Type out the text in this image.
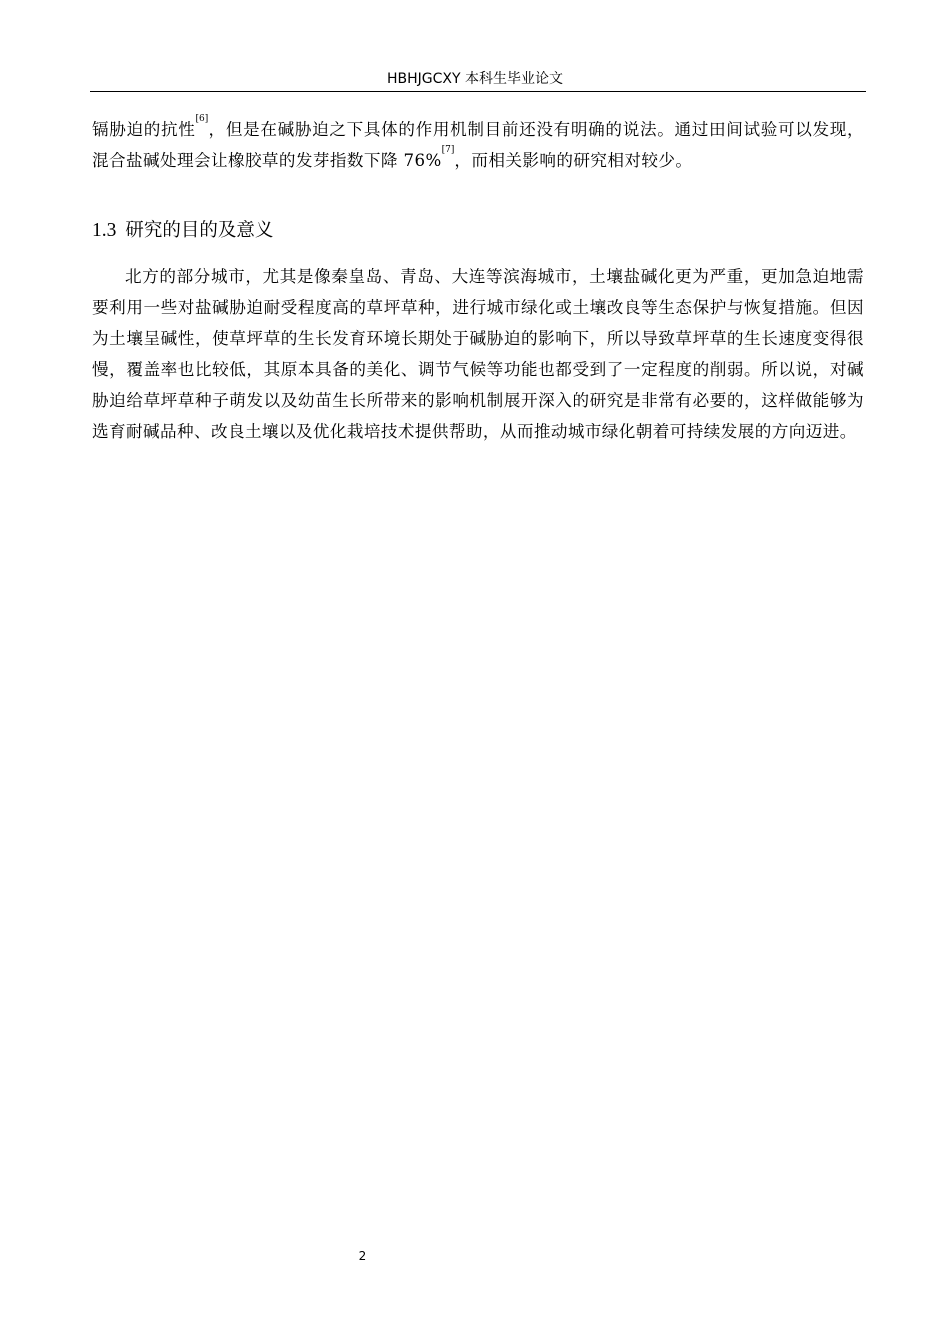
HBHJGCXY 本科生毕业论文
镉胁迫的抗性[6]，但是在碱胁迫之下具体的作用机制目前还没有明确的说法。通过田间试验可以发现，混合盐碱处理会让橡胶草的发芽指数下降 76%[7]，而相关影响的研究相对较少。
1.3 研究的目的及意义
北方的部分城市，尤其是像秦皇岛、青岛、大连等滨海城市，土壤盐碱化更为严重，更加急迫地需要利用一些对盐碱胁迫耐受程度高的草坪草种，进行城市绿化或土壤改良等生态保护与恢复措施。但因为土壤呈碱性，使草坪草的生长发育环境长期处于碱胁迫的影响下，所以导致草坪草的生长速度变得很慢，覆盖率也比较低，其原本具备的美化、调节气候等功能也都受到了一定程度的削弱。所以说，对碱胁迫给草坪草种子萌发以及幼苗生长所带来的影响机制展开深入的研究是非常有必要的，这样做能够为选育耐碱品种、改良土壤以及优化栽培技术提供帮助，从而推动城市绿化朝着可持续发展的方向迈进。
2
